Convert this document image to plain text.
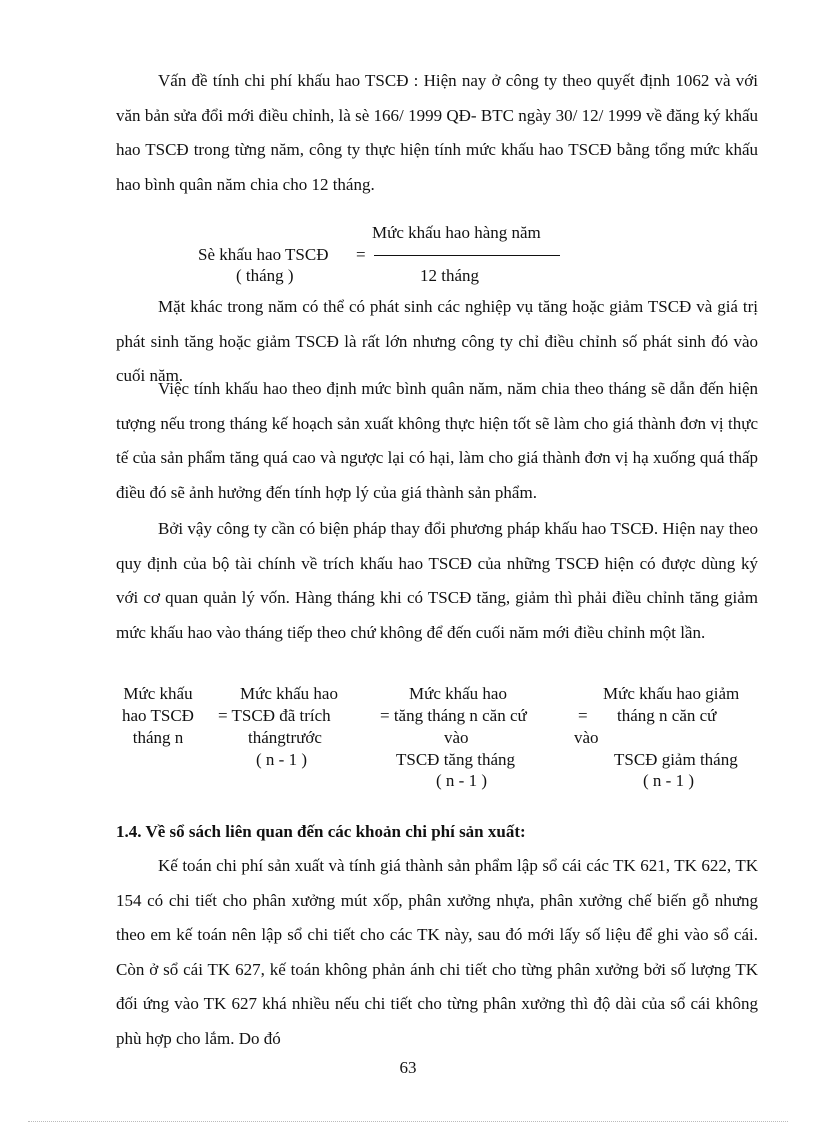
Vấn đề tính chi phí khấu hao TSCĐ : Hiện nay ở công ty theo quyết định 1062 và với văn bản sửa đổi mới điều chỉnh, là sè 166/ 1999 QĐ- BTC ngày 30/ 12/ 1999 về đăng ký khấu hao TSCĐ trong từng năm, công ty thực hiện tính mức khấu hao TSCĐ bằng tổng mức khấu hao bình quân năm chia cho 12 tháng.

Sè khấu hao TSCĐ =
( tháng )
Mức khấu hao hàng năm
12 tháng

Mặt khác trong năm có thể có phát sinh các nghiệp vụ tăng hoặc giảm TSCĐ và giá trị phát sinh tăng hoặc giảm TSCĐ là rất lớn nhưng công ty chỉ điều chỉnh số phát sinh đó vào cuối năm.

Việc tính khấu hao theo định mức bình quân năm, năm chia theo tháng sẽ dẫn đến hiện tượng nếu trong tháng kế hoạch sản xuất không thực hiện tốt sẽ làm cho giá thành đơn vị thực tế của sản phẩm tăng quá cao và ngược lại có hại, làm cho giá thành đơn vị hạ xuống quá thấp điều đó sẽ ảnh hưởng đến tính hợp lý của giá thành sản phẩm.

Bởi vậy công ty cần có biện pháp thay đổi phương pháp khấu hao TSCĐ. Hiện nay theo quy định của bộ tài chính về trích khấu hao TSCĐ của những TSCĐ hiện có được dùng ký với cơ quan quản lý vốn. Hàng tháng khi có TSCĐ tăng, giảm thì phải điều chỉnh tăng giảm mức khấu hao vào tháng tiếp theo chứ không để đến cuối năm mới điều chỉnh một lần.

Mức khấu
hao TSCĐ
tháng n
Mức khấu hao
= TSCĐ đã trích
thángtrước
( n - 1 )
Mức khấu hao
= tăng tháng n căn cứ
vào
TSCĐ tăng tháng
( n - 1 )
=
vào
Mức khấu hao giảm
tháng n căn cứ
TSCĐ giảm tháng
( n - 1 )

1.4. Về sổ sách liên quan đến các khoản chi phí sản xuất:

Kế toán chi phí sản xuất và tính giá thành sản phẩm lập sổ cái các TK 621, TK 622, TK 154 có chi tiết cho phân xưởng mút xốp, phân xưởng nhựa, phân xưởng chế biến gỗ nhưng theo em kế toán nên lập sổ chi tiết cho các TK này, sau đó mới lấy số liệu để ghi vào sổ cái. Còn ở sổ cái TK 627, kế toán không phản ánh chi tiết cho từng phân xưởng bởi số lượng TK đối ứng vào TK 627 khá nhiều nếu chi tiết cho từng phân xưởng thì độ dài của sổ cái không phù hợp cho lắm. Do đó

63
